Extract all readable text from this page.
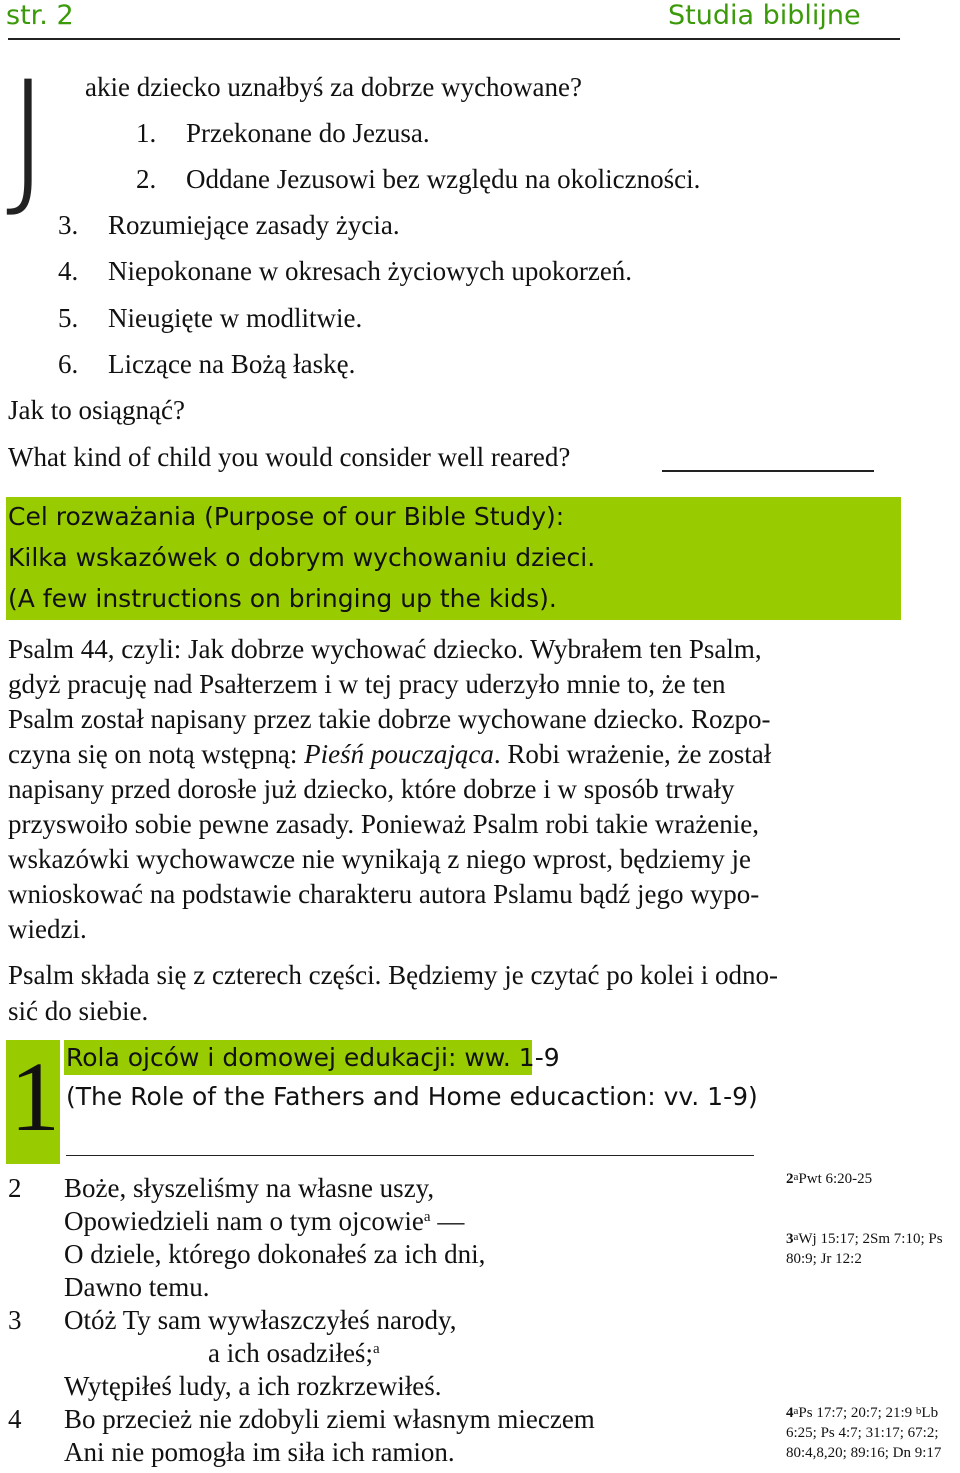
str. 2	Studia biblijne
J akie dziecko uznałbyś za dobrze wychowane?
1. Przekonane do Jezusa.
2. Oddane Jezusowi bez względu na okoliczności.
3. Rozumiejące zasady życia.
4. Niepokonane w okresach życiowych upokorzeń.
5. Nieugięte w modlitwie.
6. Liczące na Bożą łaskę.
Jak to osiągnąć?
What kind of child you would consider well reared?
Cel rozważania (Purpose of our Bible Study):
Kilka wskazówek o dobrym wychowaniu dzieci.
(A few instructions on bringing up the kids).
Psalm 44, czyli: Jak dobrze wychować dziecko. Wybrałem ten Psalm,
gdyż pracuję nad Psałterzem i w tej pracy uderzyło mnie to, że ten
Psalm został napisany przez takie dobrze wychowane dziecko. Rozpo-
czyna się on notą wstępną: Pieśń pouczająca. Robi wrażenie, że został
napisany przed dorosłe już dziecko, które dobrze i w sposób trwały
przyswoiło sobie pewne zasady. Ponieważ Psalm robi takie wrażenie,
wskazówki wychowawcze nie wynikają z niego wprost, będziemy je
wnioskować na podstawie charakteru autora Pslamu bądź jego wypo-
wiedzi.
Psalm składa się z czterech części. Będziemy je czytać po kolei i odno-
sić do siebie.
1 Rola ojców i domowej edukacji: ww. 1-9
(The Role of the Fathers and Home educaction: vv. 1-9)
2 Boże, słyszeliśmy na własne uszy,
Opowiedzieli nam o tym ojcowie$^a$ —
O dziele, którego dokonałeś za ich dni,
Dawno temu.
3 Otóż Ty sam wywłaszczyłeś narody,
a ich osadziłeś;$^a$
Wytępiłeś ludy, a ich rozkrzewiłeś.
4 Bo przecież nie zdobyli ziemi własnym mieczem
Ani nie pomogła im siła ich ramion.
2$^a$Pwt 6:20-25
3$^a$Wj 15:17; 2Sm 7:10; Ps
80:9; Jr 12:2
4$^a$Ps 17:7; 20:7; 21:9 $^b$Lb
6:25; Ps 4:7; 31:17; 67:2;
80:4,8,20; 89:16; Dn 9:17
